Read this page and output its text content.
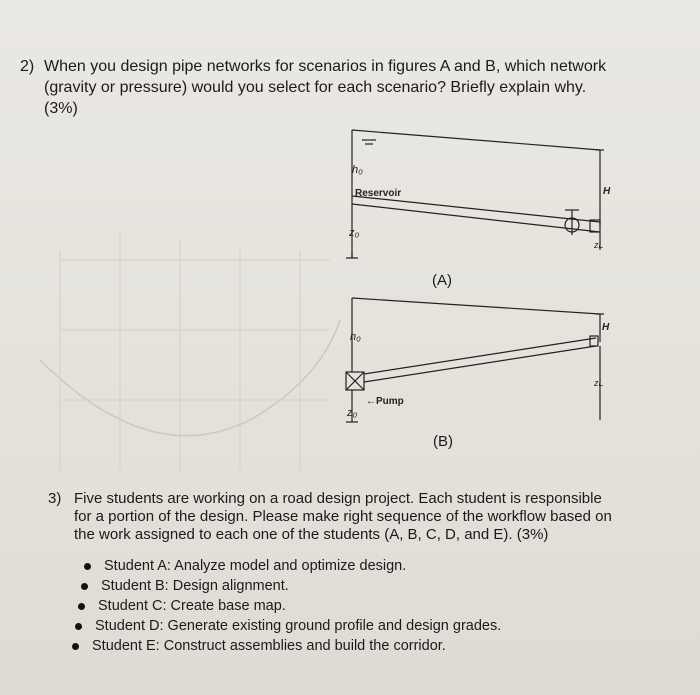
2) When you design pipe networks for scenarios in figures A and B, which network
(gravity or pressure) would you select for each scenario? Briefly explain why.
(3%)
h₀
Reservoir
z₀
H
zL
(A)
h₀
←Pump
z₀
H
zL
(B)
3) Five students are working on a road design project. Each student is responsible
for a portion of the design. Please make right sequence of the workflow based on
the work assigned to each one of the students (A, B, C, D, and E). (3%)
Student A: Analyze model and optimize design.
Student B: Design alignment.
Student C: Create base map.
Student D: Generate existing ground profile and design grades.
Student E: Construct assemblies and build the corridor.
